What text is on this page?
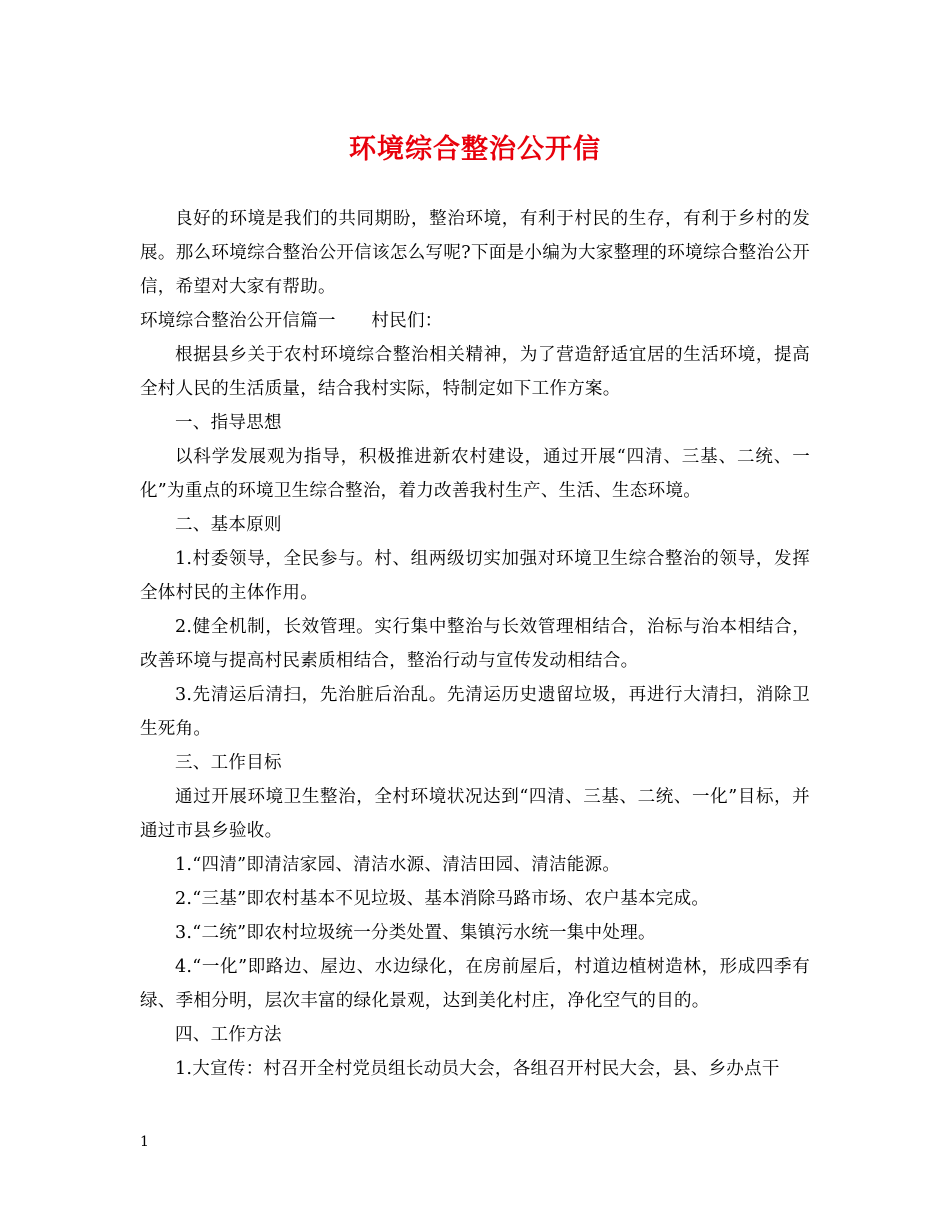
环境综合整治公开信

良好的环境是我们的共同期盼，整治环境，有利于村民的生存，有利于乡村的发展。那么环境综合整治公开信该怎么写呢?下面是小编为大家整理的环境综合整治公开信，希望对大家有帮助。

环境综合整治公开信篇一　　村民们：

根据县乡关于农村环境综合整治相关精神，为了营造舒适宜居的生活环境，提高全村人民的生活质量，结合我村实际，特制定如下工作方案。

一、指导思想

以科学发展观为指导，积极推进新农村建设，通过开展“四清、三基、二统、一化”为重点的环境卫生综合整治，着力改善我村生产、生活、生态环境。

二、基本原则

1.村委领导，全民参与。村、组两级切实加强对环境卫生综合整治的领导，发挥全体村民的主体作用。

2.健全机制，长效管理。实行集中整治与长效管理相结合，治标与治本相结合，改善环境与提高村民素质相结合，整治行动与宣传发动相结合。

3.先清运后清扫，先治脏后治乱。先清运历史遗留垃圾，再进行大清扫，消除卫生死角。

三、工作目标

通过开展环境卫生整治，全村环境状况达到“四清、三基、二统、一化”目标，并通过市县乡验收。

1.“四清”即清洁家园、清洁水源、清洁田园、清洁能源。

2.“三基”即农村基本不见垃圾、基本消除马路市场、农户基本完成。

3.“二统”即农村垃圾统一分类处置、集镇污水统一集中处理。

4.“一化”即路边、屋边、水边绿化，在房前屋后，村道边植树造林，形成四季有绿、季相分明，层次丰富的绿化景观，达到美化村庄，净化空气的目的。

四、工作方法

1.大宣传：村召开全村党员组长动员大会，各组召开村民大会，县、乡办点干

1
